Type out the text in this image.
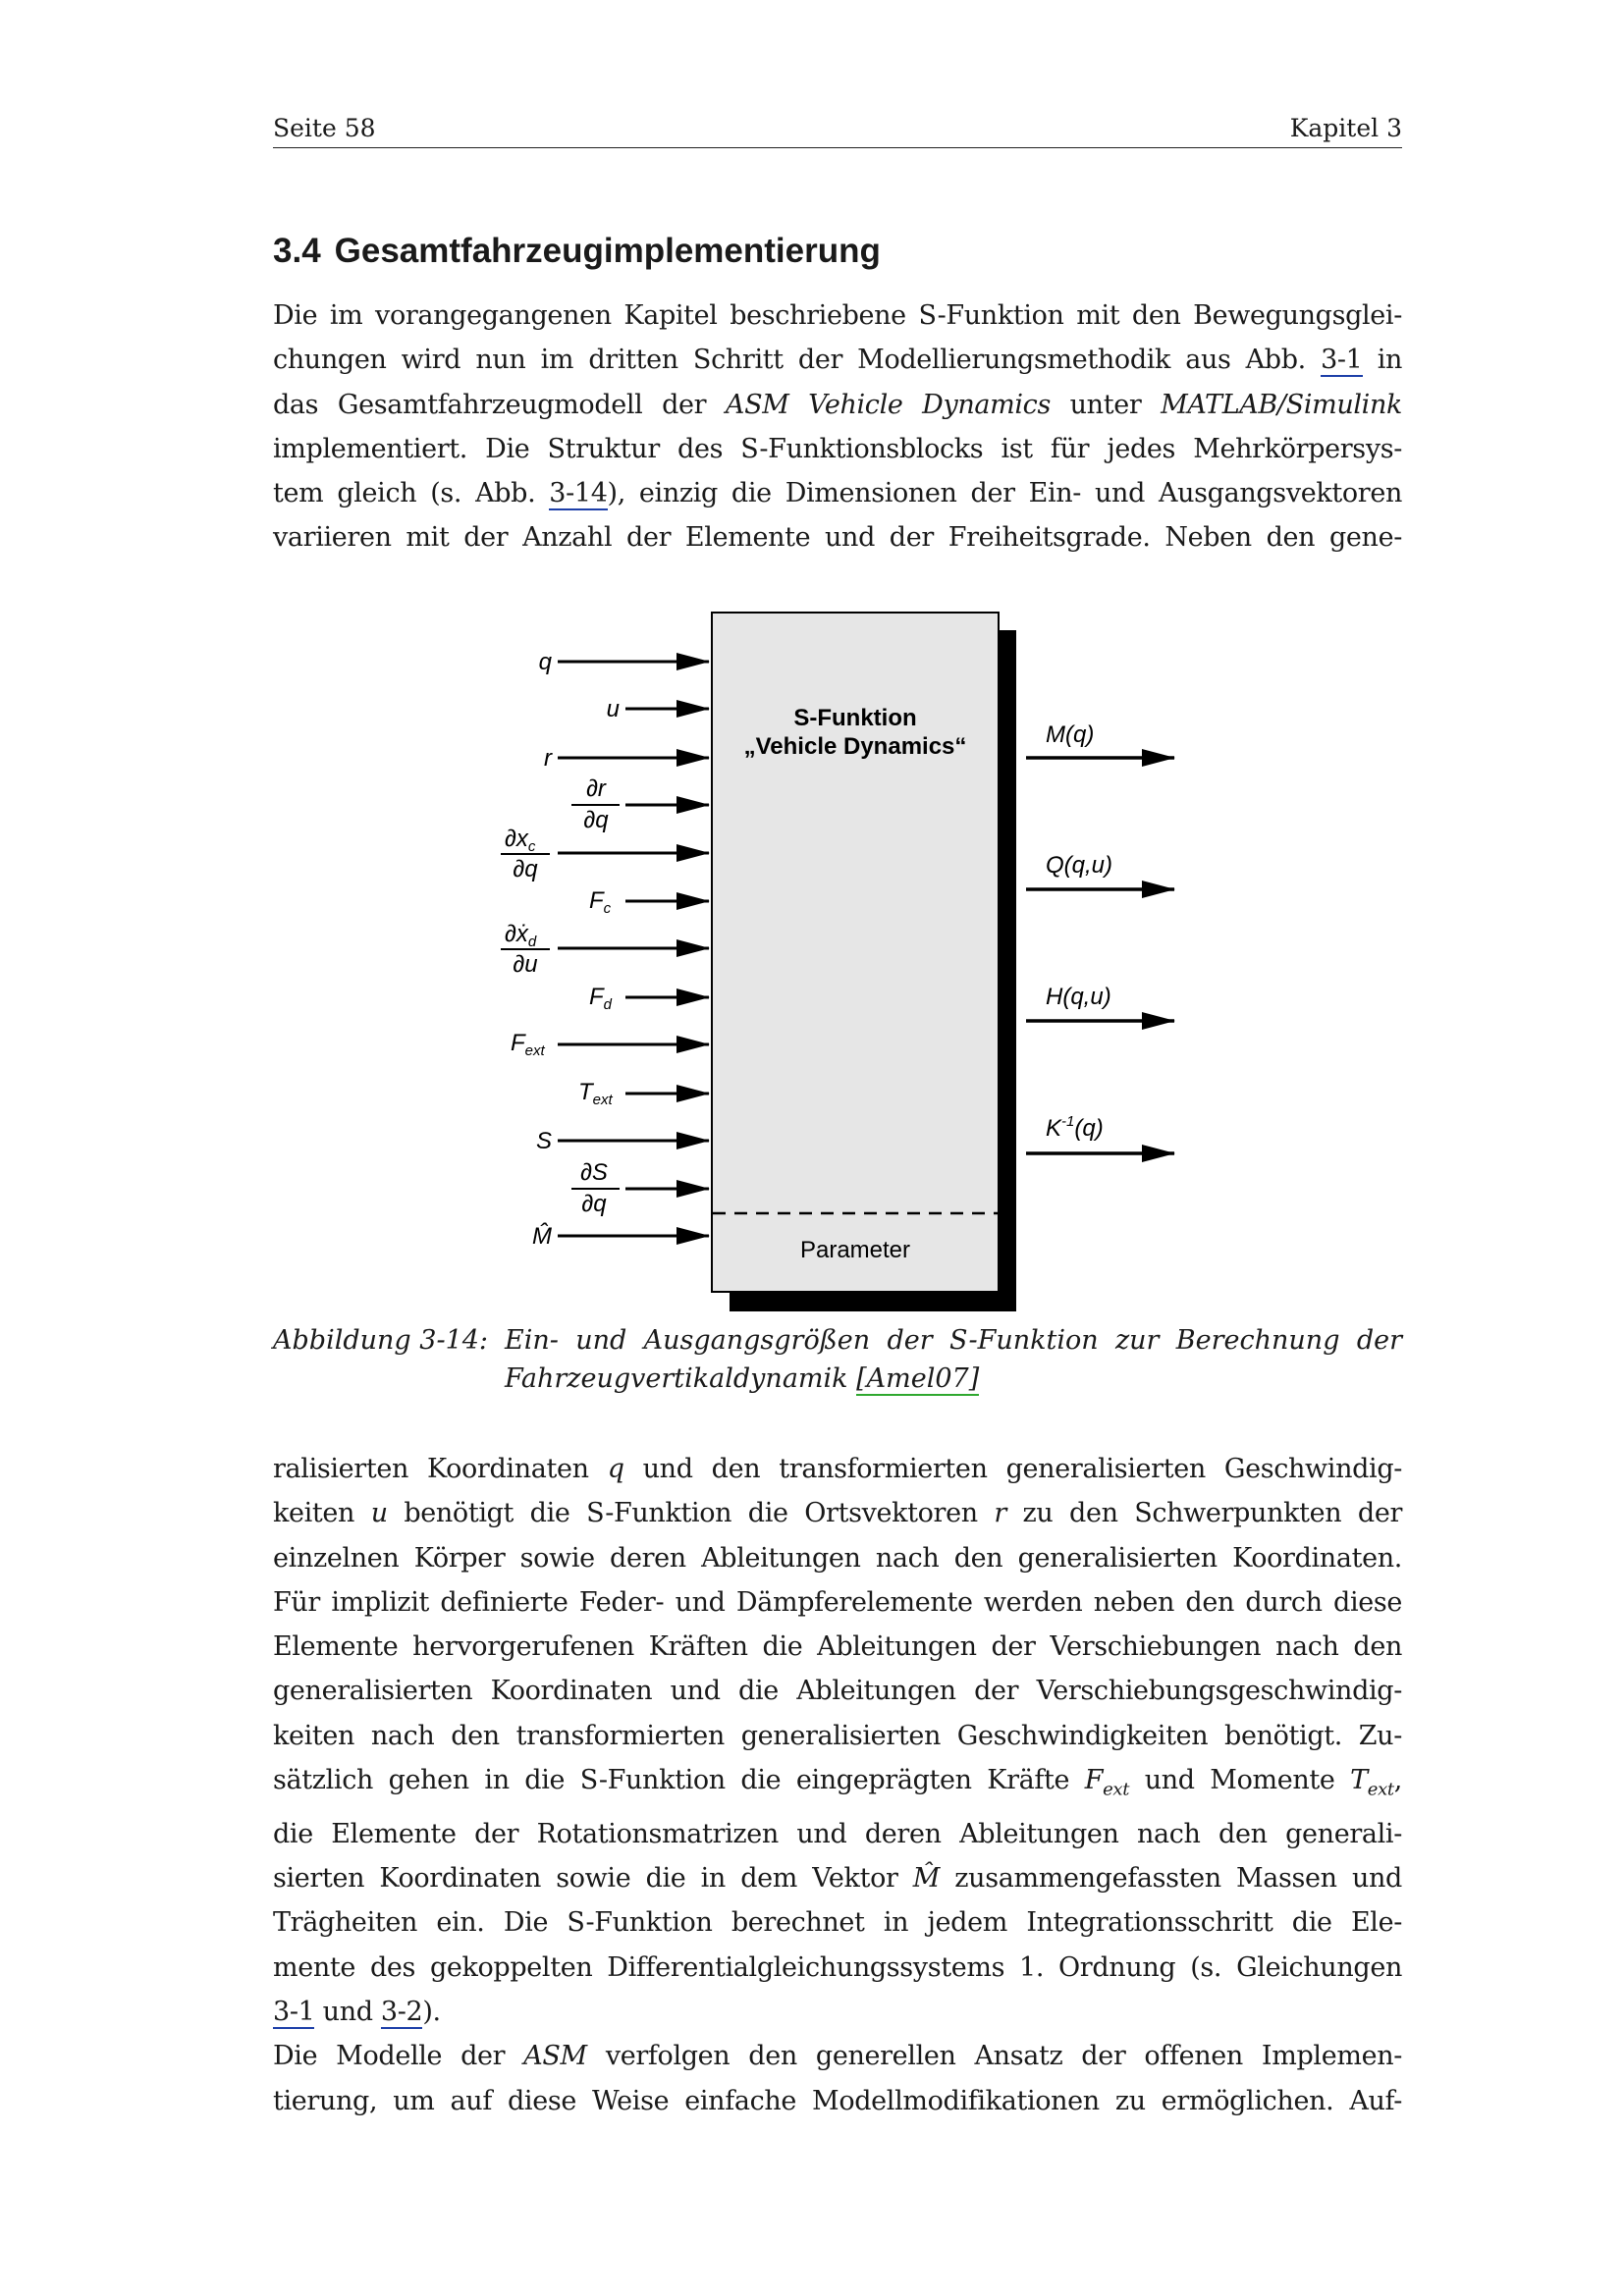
Seite 58	Kapitel 3
3.4 Gesamtfahrzeugimplementierung
Die im vorangegangenen Kapitel beschriebene S-Funktion mit den Bewegungsglei-
chungen wird nun im dritten Schritt der Modellierungsmethodik aus Abb. 3-1 in
das Gesamtfahrzeugmodell der ASM Vehicle Dynamics unter MATLAB/Simulink
implementiert. Die Struktur des S-Funktionsblocks ist für jedes Mehrkörpersys-
tem gleich (s. Abb. 3-14), einzig die Dimensionen der Ein- und Ausgangsvektoren
variieren mit der Anzahl der Elemente und der Freiheitsgrade. Neben den gene-
S-Funktion
„Vehicle Dynamics“
Parameter
q
u
r
∂r
∂q
$\partial x_c$
∂q
$F_c$
∂ẋ$_d$
∂u
$F_d$
$F_{ext}$
$T_{ext}$
S
∂S
∂q
M̂
M(q)
Q(q,u)
H(q,u)
$K^{-1}(q)$
Abbildung 3-14: Ein- und Ausgangsgrößen der S-Funktion zur Berechnung der
Fahrzeugvertikaldynamik [Amel07]
ralisierten Koordinaten q und den transformierten generalisierten Geschwindig-
keiten u benötigt die S-Funktion die Ortsvektoren r zu den Schwerpunkten der
einzelnen Körper sowie deren Ableitungen nach den generalisierten Koordinaten.
Für implizit definierte Feder- und Dämpferelemente werden neben den durch diese
Elemente hervorgerufenen Kräften die Ableitungen der Verschiebungen nach den
generalisierten Koordinaten und die Ableitungen der Verschiebungsgeschwindig-
keiten nach den transformierten generalisierten Geschwindigkeiten benötigt. Zu-
sätzlich gehen in die S-Funktion die eingeprägten Kräfte $F_{ext}$ und Momente $T_{ext}$,
die Elemente der Rotationsmatrizen und deren Ableitungen nach den generali-
sierten Koordinaten sowie die in dem Vektor M̂ zusammengefassten Massen und
Trägheiten ein. Die S-Funktion berechnet in jedem Integrationsschritt die Ele-
mente des gekoppelten Differentialgleichungssystems 1. Ordnung (s. Gleichungen
3-1 und 3-2).
Die Modelle der ASM verfolgen den generellen Ansatz der offenen Implemen-
tierung, um auf diese Weise einfache Modellmodifikationen zu ermöglichen. Auf-
